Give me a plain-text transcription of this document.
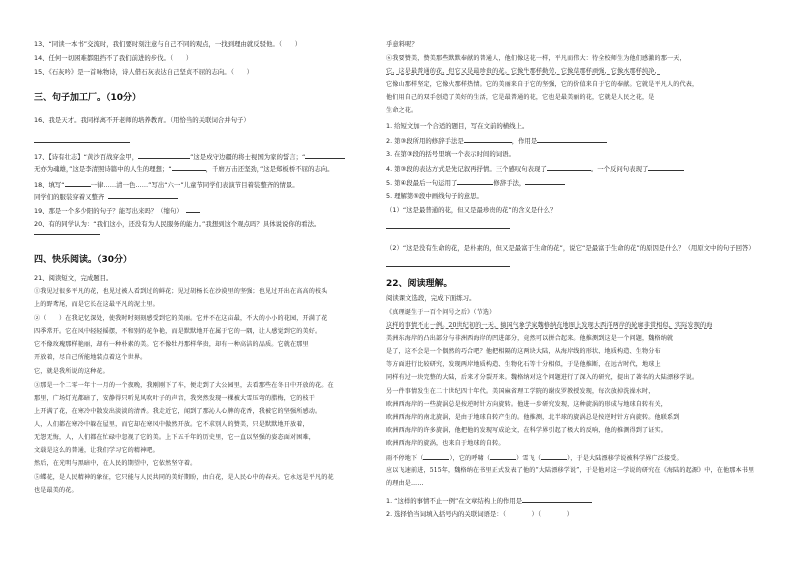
13、“同读一本书”交流时，我们要时刻注意与自己不同的观点，一找到理由就反驳他。（　　）
14、任何一切困难都阻挡不了我们前进的步伐。（　　）
15、《石灰吟》是一首咏物诗，诗人借石灰表达自己坚贞不屈的志向。（　　）
三、句子加工厂。（10分）
16、我是天才。我同样离不开老师的培养教育。（用恰当的关联词合并句子）
17、【诗有壮志】“黄沙百战穿金甲，	”这是戍守边疆的将士视国为家的誓言；“
无亦为魂雄，”这是李清照诗篇中的人生的理想；“	，千磨万击还坚劲，”这是郑板桥不屈的志向。
18、填写“	一律……清一色……”写出“六一”儿童节同学们表演节目着装整齐的情景。
同学们的服装穿着又整齐
19、那是一个多少阳的句子？能写出来吗？（缩句）
20、有的同学认为：“我们这小，还没有为人民服务的能力。”我想到这个观点吗？具体说说你的看法。
四、快乐阅读。（30分）
21、阅读短文，完成题目。
①我见过很多平凡的花，也见过被人看到过的鲜花；见过胡杨长在沙漠里的坚强；也见过开出在高高的枝头
上的野鸢尾，而是它长在这最平凡的泥土里。
②（　　）在我记忆深处，使我时时刻刻感受到它的美丽。它并不在这亩最，不大的小小的花园，开满了花
四季常开。它在风中轻轻摇摆，不和别的花争艳，而是默默地开在属于它的一隅，让人感觉到它的美好。
它不像玫瑰那样艳丽，却有一种朴素的美。它不像牡丹那样华贵，却有一种高洁的品质。它就在那里
开放着，尽自己所能地装点着这个世界。
它，就是我所说的这种花。
③那是一个二零一年十一月的一个夜晚，我刚刚下了车，便走到了大公园里，去看那些在冬日中开放的花。在
那里，广场灯光都暗了，安静得只听见风吹叶子的声音，我突然发现一棵被大雪压弯的腊梅，它的枝干
上开满了花，在寒冷中散发出淡淡的清香。我走近它，闻到了那沁人心脾的花香，我被它的坚强所感动。
人，人们都在寒冷中躲在屋里，而它却在寒风中傲然开放。它不求别人的赞美，只是默默地开放着，
无怨无悔，人，人们都在忙碌中忽视了它的美。上下五千年的历史里，它一直以坚强的姿态面对困难，
文载是这么的普通，让我们学习它的精神吧。
然后，在光明与黑暗中，在人民的期望中，它依然坚守着。
⑤蝶花，是人民精神的象征，它只能与人民共同的美好期盼，由白花，是人民心中的春天。它永远是平凡的花
也是最美的花。
乎意料呢？
⑥我要赞美，赞美那些默默奉献的普通人，他们像这花一样，平凡而伟大：待全校师生为他们感激的那一天，
它，这是最普通的花，但它又是最珍贵的花。它像牛那样勤劳，它像草那样顽强，它像水那样纯净，
它像山那样坚定，它像火那样热情。它的美丽来自于它的坚强，它的价值来自于它的奉献。它就是平凡人的代表，
他们用自己的双手创造了美好的生活，它是最普通的花，它也是最美丽的花，它就是人民之花，是
生命之花。
1. 给短文加一个合适的题目，写在文前的横线上。
2. 第③段所用的修辞手法是	，作用是
3. 在第③段的括号里填一个表示时间的词语。
4. 第③段的表达方式是先记叙再抒情。三个感叹句表现了	。一个反问句表现了
5. 第④段最后一句运用了	修辞手法，
5. 理解第⑤段中画线句子的意思。
（1）“这是最普通的花，但又是最珍贵的花”的含义是什么？
（2）“这是没有生命的花，是朴素的，但又是最富于生命的花”，说它“是最富于生命的花”的原因是什么？（用原文中的句子回答）
22、阅读理解。
阅读课文选段，完成下面练习。
《真理诞生于一百个问号之后》（节选）
这样的事情不止一例。20世纪初的一天，德国气象学家魏格纳在地图上发现大西洋两岸的轮廓非常相似，实际发现的海
美洲东海岸的凸出部分与非洲西海岸的凹进部分，竟然可以拼合起来。他推测到这是一个问题，魏格纳就
是了，这不会是一个偶然的巧合吧？他把相隔的这两块大陆，从海岸线的形状、地质构造、生物分布
等方面进行比较研究，发现两岸地质构造、生物化石等十分相似，于是他推断，在远古时代，地球上
同样有过一块完整的大陆，后来才分裂开来。魏格纳对这个问题进行了深入的研究，提出了著名的大陆漂移学说。
另一件事情发生在二十世纪四十年代。美国麻省理工学院的谢皮罗教授发现，每次放掉洗澡水时，
欧洲西海岸的一些旋涡总是按逆时针方向旋转。他进一步研究发现，这种旋涡的形成与地球自转有关，
欧洲西海岸的南北旋涡，是由于地球自转产生的。他推测，北半球的旋涡总是按逆时针方向旋转。他联系到
欧洲西海岸的许多旋涡，他把他的发现写成论文，在科学界引起了极大的反响，他的推测得到了证实。
欧洲西海岸的旋涡，也来自于地球的自转。
雨不停地下（	），它的呼啸（	）雪飞（	），于是大陆漂移学说被科学界广泛接受。
应以飞速前进，515年，魏格纳在书里正式发表了他的“大陆漂移学说”，于是他对这一学说的研究在《海陆的起源》中，在他那本书里
的理由是……
1. “这样的事情不止一例”在文章结构上的作用是
2. 选择恰当词填入括号内的关联词语是：（　　　　）（　　　　）
